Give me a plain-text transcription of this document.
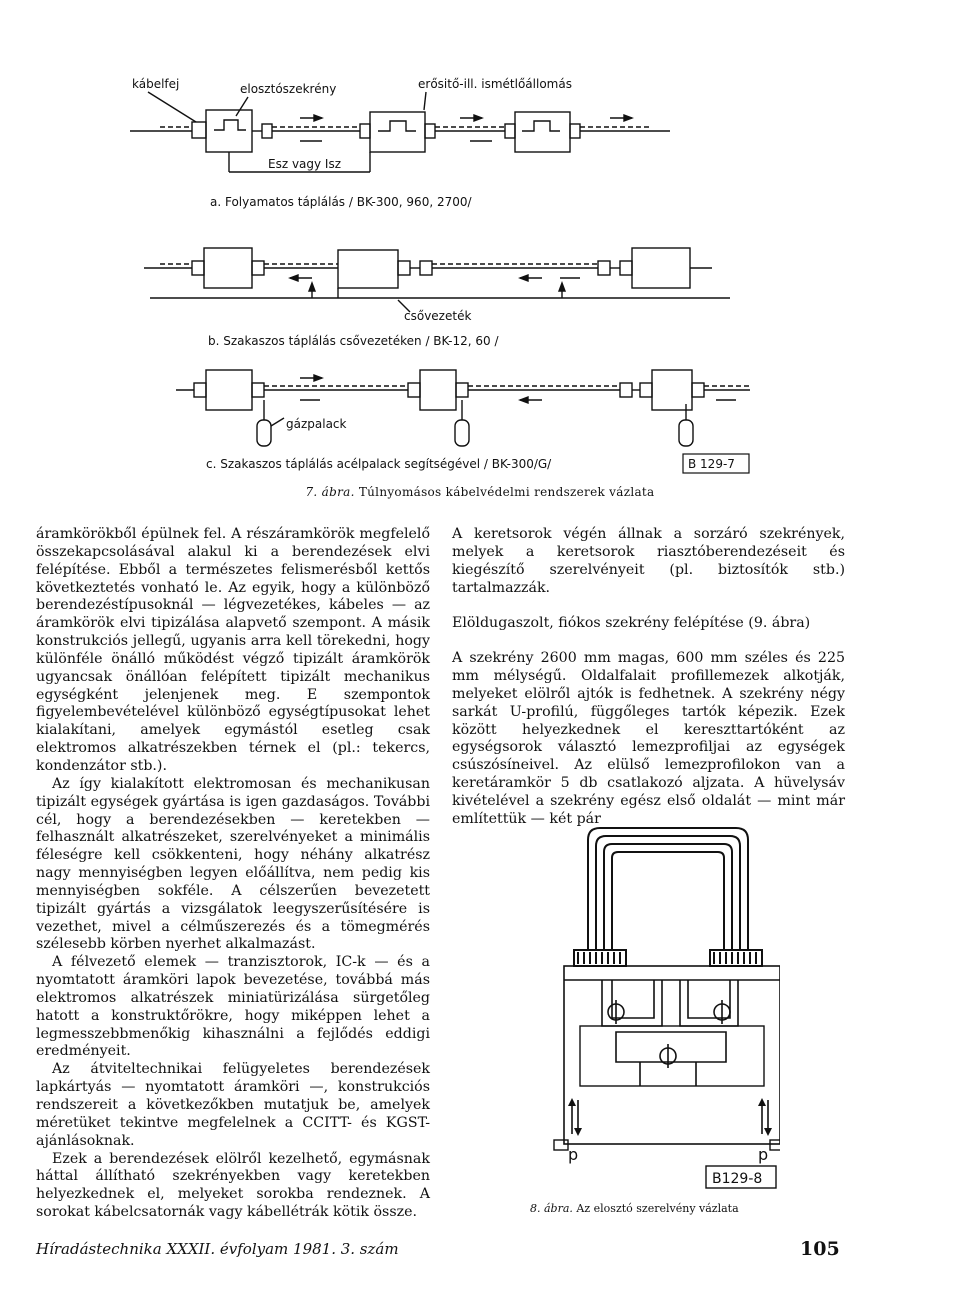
kábelfej	elosztószekrény	erősitő-ill. ismétlőállomás
Esz vagy Isz
a. Folyamatos táplálás / BK-300, 960, 2700/
csővezeték
b. Szakaszos táplálás csővezetéken / BK-12, 60 /
gázpalack
c. Szakaszos táplálás acélpalack segítségével / BK-300/G/	B 129-7
7. ábra. Túlnyomásos kábelvédelmi rendszerek vázlata

áramkörökből épülnek fel. A részáramkörök megfelelő összekapcsolásával alakul ki a berendezések elvi felépítése. Ebből a természetes felismerésből kettős következtetés vonható le. Az egyik, hogy a különböző berendezéstípusoknál — légvezetékes, kábeles — az áramkörök elvi tipizálása alapvető szempont. A másik konstrukciós jellegű, ugyanis arra kell törekedni, hogy különféle önálló működést végző tipizált áramkörök ugyancsak önállóan felépített tipizált mechanikus egységként jelenjenek meg. E szempontok figyelembevételével különböző egységtípusokat lehet kialakítani, amelyek egymástól esetleg csak elektromos alkatrészekben térnek el (pl.: tekercs, kondenzátor stb.).

Az így kialakított elektromosan és mechanikusan tipizált egységek gyártása is igen gazdaságos. További cél, hogy a berendezésekben — keretekben — felhasznált alkatrészeket, szerelvényeket a minimális féleségre kell csökkenteni, hogy néhány alkatrész nagy mennyiségben legyen előállítva, nem pedig kis mennyiségben sokféle. A célszerűen bevezetett tipizált gyártás a vizsgálatok leegyszerűsítésére is vezethet, mivel a célműszerezés és a tömegmérés szélesebb körben nyerhet alkalmazást.

A félvezető elemek — tranzisztorok, IC-k — és a nyomtatott áramköri lapok bevezetése, továbbá más elektromos alkatrészek miniatürizálása sürgetőleg hatott a konstruktőrökre, hogy miképpen lehet a legmesszebbmenőkig kihasználni a fejlődés eddigi eredményeit.

Az átviteltechnikai felügyeletes berendezések lapkártyás — nyomtatott áramköri —, konstrukciós rendszereit a következőkben mutatjuk be, amelyek méretüket tekintve megfelelnek a CCITT- és KGST-ajánlásoknak.

Ezek a berendezések elölről kezelhető, egymásnak háttal állítható szekrényekben vagy keretekben helyezkednek el, melyeket sorokba rendeznek. A sorokat kábelcsatornák vagy kábellétrák kötik össze.

A keretsorok végén állnak a sorzáró szekrények, melyek a keretsorok riasztóberendezéseit és kiegészítő szerelvényeit (pl. biztosítók stb.) tartalmazzák.

Elöldugaszolt, fiókos szekrény felépítése (9. ábra)

A szekrény 2600 mm magas, 600 mm széles és 225 mm mélységű. Oldalfalait profillemezek alkotják, melyeket elölről ajtók is fedhetnek. A szekrény négy sarkát U-profilú, függőleges tartók képezik. Ezek között helyezkednek el kereszttartóként az egységsorok választó lemezprofiljai az egységek csúszósíneivel. Az elülső lemezprofilokon van a keretáramkör 5 db csatlakozó aljzata. A hüvelysáv kivételével a szekrény egész első oldalát — mint már említettük — két pár

p	p
B129-8
8. ábra. Az elosztó szerelvény vázlata
Híradástechnika XXXII. évfolyam 1981. 3. szám	105
